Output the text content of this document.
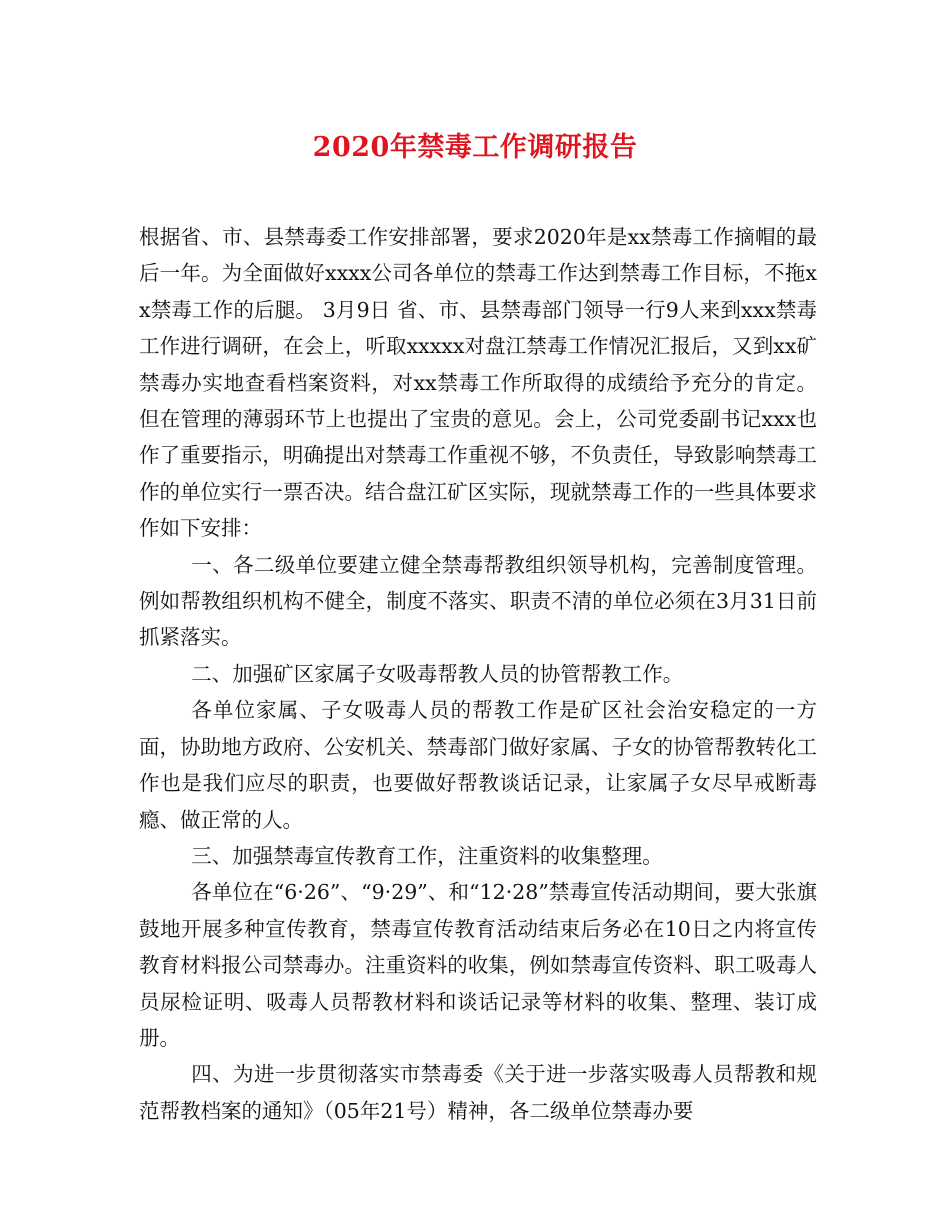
2020年禁毒工作调研报告

根据省、市、县禁毒委工作安排部署，要求2020年是xx禁毒工作摘帽的最后一年。为全面做好xxxx公司各单位的禁毒工作达到禁毒工作目标，不拖xx禁毒工作的后腿。 3月9日 省、市、县禁毒部门领导一行9人来到xxx禁毒工作进行调研，在会上，听取xxxxx对盘江禁毒工作情况汇报后，又到xx矿禁毒办实地查看档案资料，对xx禁毒工作所取得的成绩给予充分的肯定。但在管理的薄弱环节上也提出了宝贵的意见。会上，公司党委副书记xxx也作了重要指示，明确提出对禁毒工作重视不够，不负责任，导致影响禁毒工作的单位实行一票否决。结合盘江矿区实际，现就禁毒工作的一些具体要求作如下安排：

一、各二级单位要建立健全禁毒帮教组织领导机构，完善制度管理。例如帮教组织机构不健全，制度不落实、职责不清的单位必须在3月31日前 抓紧落实。

二、加强矿区家属子女吸毒帮教人员的协管帮教工作。

各单位家属、子女吸毒人员的帮教工作是矿区社会治安稳定的一方面，协助地方政府、公安机关、禁毒部门做好家属、子女的协管帮教转化工作也是我们应尽的职责，也要做好帮教谈话记录，让家属子女尽早戒断毒瘾、做正常的人。

三、加强禁毒宣传教育工作，注重资料的收集整理。

各单位在“6·26”、“9·29”、和“12·28”禁毒宣传活动期间，要大张旗鼓地开展多种宣传教育，禁毒宣传教育活动结束后务必在10日之内将宣传教育材料报公司禁毒办。注重资料的收集，例如禁毒宣传资料、职工吸毒人员尿检证明、吸毒人员帮教材料和谈话记录等材料的收集、整理、装订成册。

四、为进一步贯彻落实市禁毒委《关于进一步落实吸毒人员帮教和规范帮教档案的通知》（05年21号）精神，各二级单位禁毒办要
